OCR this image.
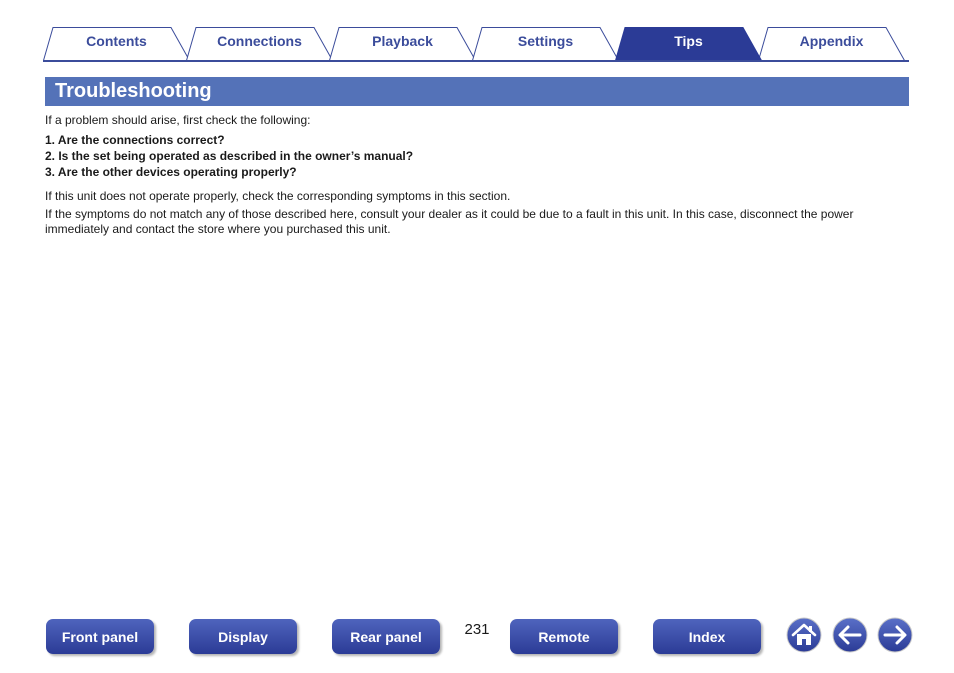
Contents	Connections	Playback	Settings	Appendix
Tips
Troubleshooting

If a problem should arise, first check the following:

1. Are the connections correct?
2. Is the set being operated as described in the owner’s manual?
3. Are the other devices operating properly?

If this unit does not operate properly, check the corresponding symptoms in this section.

If the symptoms do not match any of those described here, consult your dealer as it could be due to a fault in this unit. In this case, disconnect the power immediately and contact the store where you purchased this unit.

Front panel	Display	Rear panel	231	Remote	Index
